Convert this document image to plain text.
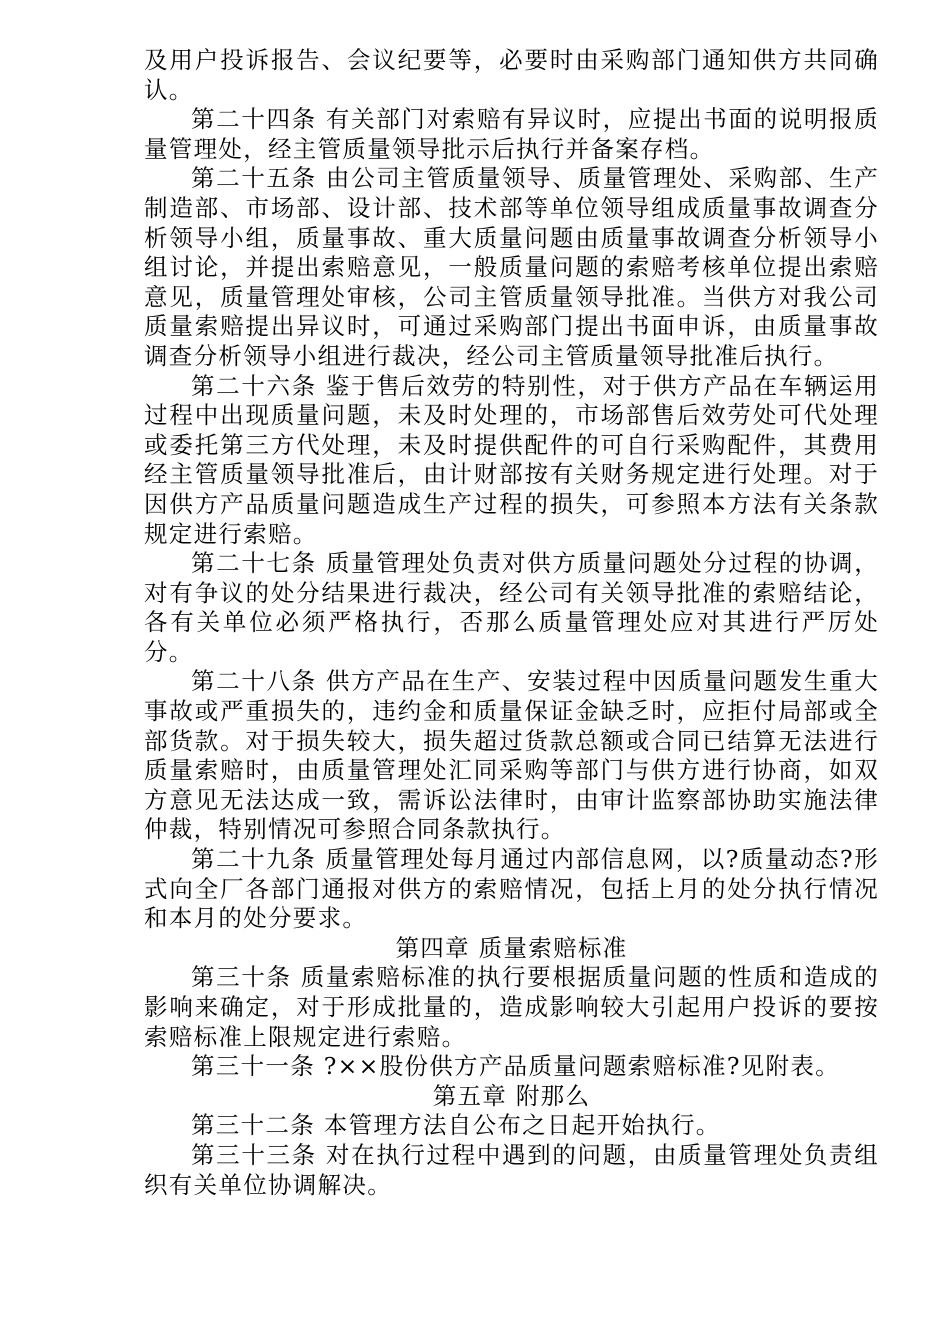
及用户投诉报告、会议纪要等，必要时由采购部门通知供方共同确认。

第二十四条 有关部门对索赔有异议时，应提出书面的说明报质量管理处，经主管质量领导批示后执行并备案存档。

第二十五条 由公司主管质量领导、质量管理处、采购部、生产制造部、市场部、设计部、技术部等单位领导组成质量事故调查分析领导小组，质量事故、重大质量问题由质量事故调查分析领导小组讨论，并提出索赔意见，一般质量问题的索赔考核单位提出索赔意见，质量管理处审核，公司主管质量领导批准。当供方对我公司质量索赔提出异议时，可通过采购部门提出书面申诉，由质量事故调查分析领导小组进行裁决，经公司主管质量领导批准后执行。

第二十六条 鉴于售后效劳的特别性，对于供方产品在车辆运用过程中出现质量问题，未及时处理的，市场部售后效劳处可代处理或委托第三方代处理，未及时提供配件的可自行采购配件，其费用经主管质量领导批准后，由计财部按有关财务规定进行处理。对于因供方产品质量问题造成生产过程的损失，可参照本方法有关条款规定进行索赔。

第二十七条 质量管理处负责对供方质量问题处分过程的协调，对有争议的处分结果进行裁决，经公司有关领导批准的索赔结论，各有关单位必须严格执行，否那么质量管理处应对其进行严厉处分。

第二十八条 供方产品在生产、安装过程中因质量问题发生重大事故或严重损失的，违约金和质量保证金缺乏时，应拒付局部或全部货款。对于损失较大，损失超过货款总额或合同已结算无法进行质量索赔时，由质量管理处汇同采购等部门与供方进行协商，如双方意见无法达成一致，需诉讼法律时，由审计监察部协助实施法律仲裁，特别情况可参照合同条款执行。

第二十九条 质量管理处每月通过内部信息网，以?质量动态?形式向全厂各部门通报对供方的索赔情况，包括上月的处分执行情况和本月的处分要求。

第四章 质量索赔标准

第三十条 质量索赔标准的执行要根据质量问题的性质和造成的影响来确定，对于形成批量的，造成影响较大引起用户投诉的要按索赔标准上限规定进行索赔。

第三十一条 ?××股份供方产品质量问题索赔标准?见附表。

第五章 附那么

第三十二条 本管理方法自公布之日起开始执行。

第三十三条 对在执行过程中遇到的问题，由质量管理处负责组织有关单位协调解决。
